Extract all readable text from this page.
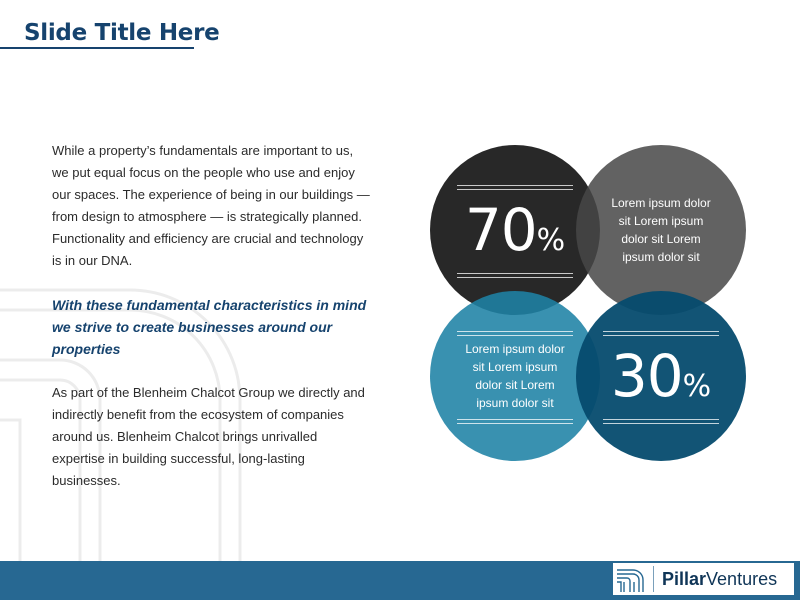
Slide Title Here

While a property’s fundamentals are important to us, we put equal focus on the people who use and enjoy our spaces. The experience of being in our buildings — from design to atmosphere — is strategically planned. Functionality and efficiency are crucial and technology is in our DNA.

With these fundamental characteristics in mind we strive to create businesses around our properties

As part of the Blenheim Chalcot Group we directly and indirectly benefit from the ecosystem of companies around us. Blenheim Chalcot brings unrivalled expertise in building successful, long-lasting businesses.

70 %
Lorem ipsum dolor sit Lorem ipsum dolor sit Lorem ipsum dolor sit
Lorem ipsum dolor sit Lorem ipsum dolor sit Lorem ipsum dolor sit 30 %
PillarVentures
